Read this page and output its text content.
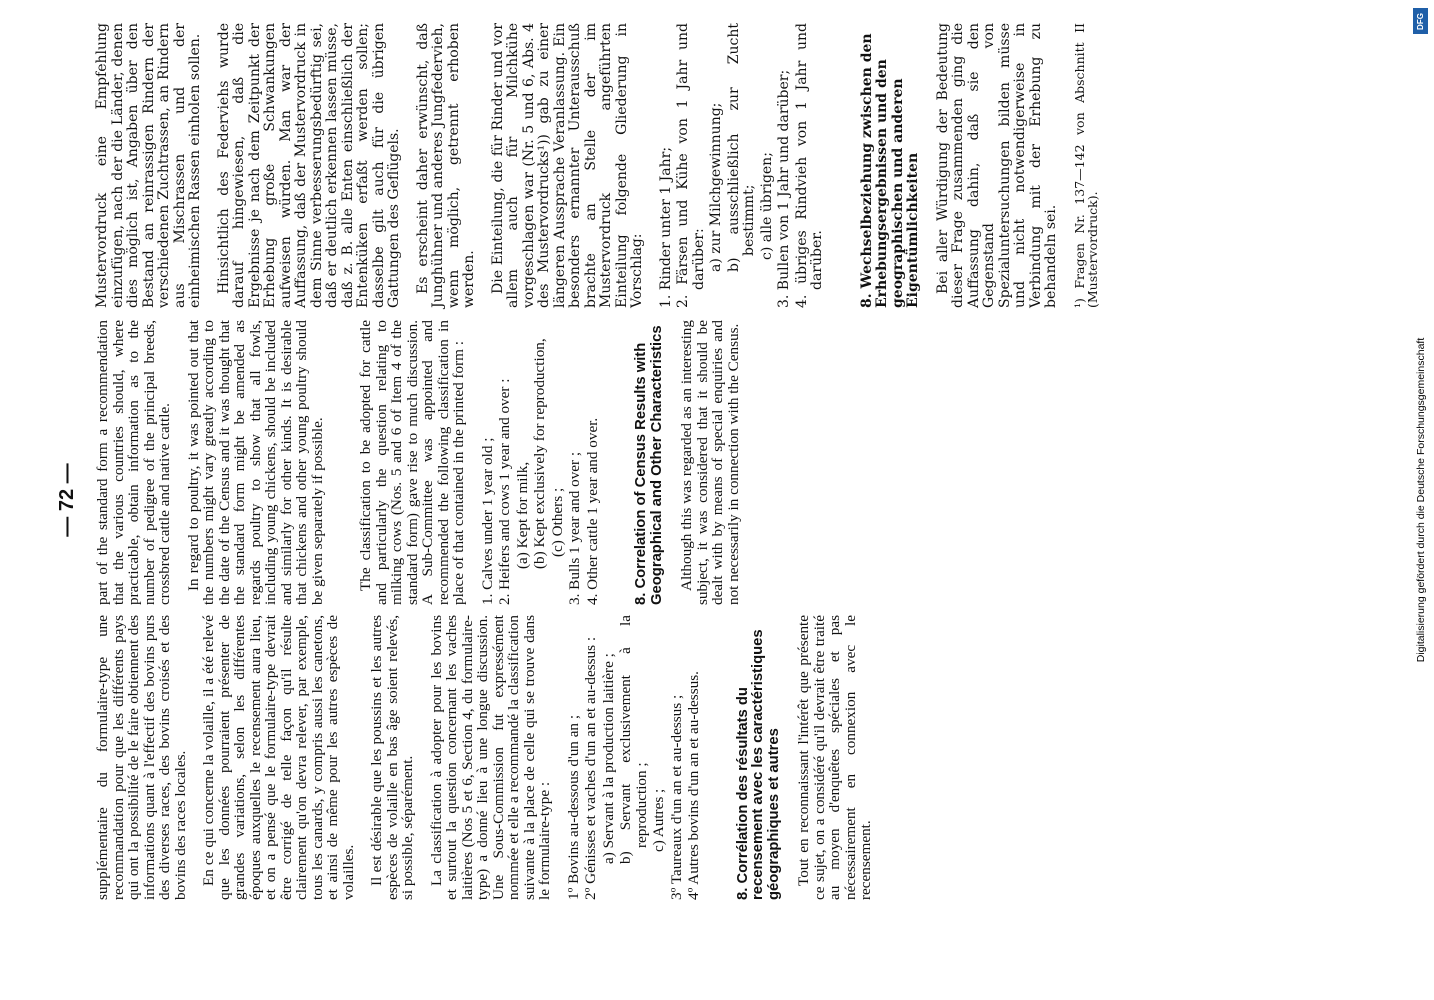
— 72 —

supplémentaire du formulaire-type une recommandation pour que les différents pays qui ont la possibilité de le faire obtiennent des informations quant à l'effectif des bovins purs des diverses races, des bovins croisés et des bovins des races locales. En ce qui concerne la volaille, il a été relevé que les données pourraient présenter de grandes variations, selon les différentes époques auxquelles le recensement aura lieu, et on a pensé que le formulaire-type devrait être corrigé de telle façon qu'il résulte clairement qu'on devra relever, par exemple, tous les canards, y compris aussi les canetons, et ainsi de même pour les autres espèces de volailles. Il est désirable que les poussins et les autres espèces de volaille en bas âge soient relevés, si possible, séparément. La classification à adopter pour les bovins et surtout la question concernant les vaches laitières (Nos 5 et 6, Section 4, du formulaire-type) a donné lieu à une longue discussion. Une Sous-Commission fut expressément nommée et elle a recommandé la classification suivante à la place de celle qui se trouve dans le formulaire-type : 1º Bovins au-dessous d'un an ; 2º Génisses et vaches d'un an et au-dessus : a) Servant à la production laitière ; b) Servant exclusivement à la reproduction ; c) Autres ; 3º Taureaux d'un an et au-dessus ; 4º Autres bovins d'un an et au-dessus. 8. Corrélation des résultats du recensement avec les caractéristiques géographiques et autres Tout en reconnaissant l'intérêt que présente ce sujet, on a considéré qu'il devrait être traité au moyen d'enquêtes spéciales et pas nécessairement en connexion avec le recensement.

part of the standard form a recommendation that the various countries should, where practicable, obtain information as to the number of pedigree of the principal breeds, crossbred cattle and native cattle. In regard to poultry, it was pointed out that the numbers might vary greatly according to the date of the Census and it was thought that the standard form might be amended as regards poultry to show that all fowls, including young chickens, should be included and similarly for other kinds. It is desirable that chickens and other young poultry should be given separately if possible. The classification to be adopted for cattle and particularly the question relating to milking cows (Nos. 5 and 6 of Item 4 of the standard form) gave rise to much discussion. A Sub-Committee was appointed and recommended the following classification in place of that contained in the printed form : 1. Calves under 1 year old ; 2. Heifers and cows 1 year and over : (a) Kept for milk, (b) Kept exclusively for reproduction, (c) Others ; 3. Bulls 1 year and over ; 4. Other cattle 1 year and over. 8. Correlation of Census Results with Geographical and Other Characteristics Although this was regarded as an interesting subject, it was considered that it should be dealt with by means of special enquiries and not necessarily in connection with the Census.

Mustervordruck eine Empfehlung einzufügen, nach der die Länder, denen dies möglich ist, Angaben über den Bestand an reinrassigen Rindern der verschiedenen Zuchtrassen, an Rindern aus Mischrassen und der einheimischen Rassen einholen sollen. Hinsichtlich des Federviehs wurde darauf hingewiesen, daß die Ergebnisse je nach dem Zeitpunkt der Erhebung große Schwankungen aufweisen würden. Man war der Auffassung, daß der Mustervordruck in dem Sinne verbesserungsbedürftig sei, daß er deutlich erkennen lassen müsse, daß z. B. alle Enten einschließlich der Entenküken erfaßt werden sollen; dasselbe gilt auch für die übrigen Gattungen des Geflügels. Es erscheint daher erwünscht, daß Junghühner und anderes Jungfedervieh, wenn möglich, getrennt erhoben werden. Die Einteilung, die für Rinder und vor allem auch für Milchkühe vorgeschlagen war (Nr. 5 und 6, Abs. 4 des Mustervordrucks¹)) gab zu einer längeren Aussprache Veranlassung. Ein besonders ernannter Unterausschuß brachte an Stelle der im Mustervordruck angeführten Einteilung folgende Gliederung in Vorschlag: 1. Rinder unter 1 Jahr; 2. Färsen und Kühe von 1 Jahr und darüber: a) zur Milchgewinnung; b) ausschließlich zur Zucht bestimmt; c) alle übrigen; 3. Bullen von 1 Jahr und darüber; 4. übriges Rindvieh von 1 Jahr und darüber. 8. Wechselbeziehung zwischen den Erhebungsergebnissen und den geographischen und anderen Eigentümlichkeiten Bei aller Würdigung der Bedeutung dieser Frage zusammenden ging die Auffassung dahin, daß sie den Gegenstand von Spezialuntersuchungen bilden müsse und nicht notwendigerweise in Verbindung mit der Erhebung zu behandeln sei. ¹) Fragen Nr. 137—142 von Abschnitt II (Mustervordruck).

DFG
Digitalisierung gefördert durch die Deutsche Forschungsgemeinschaft
